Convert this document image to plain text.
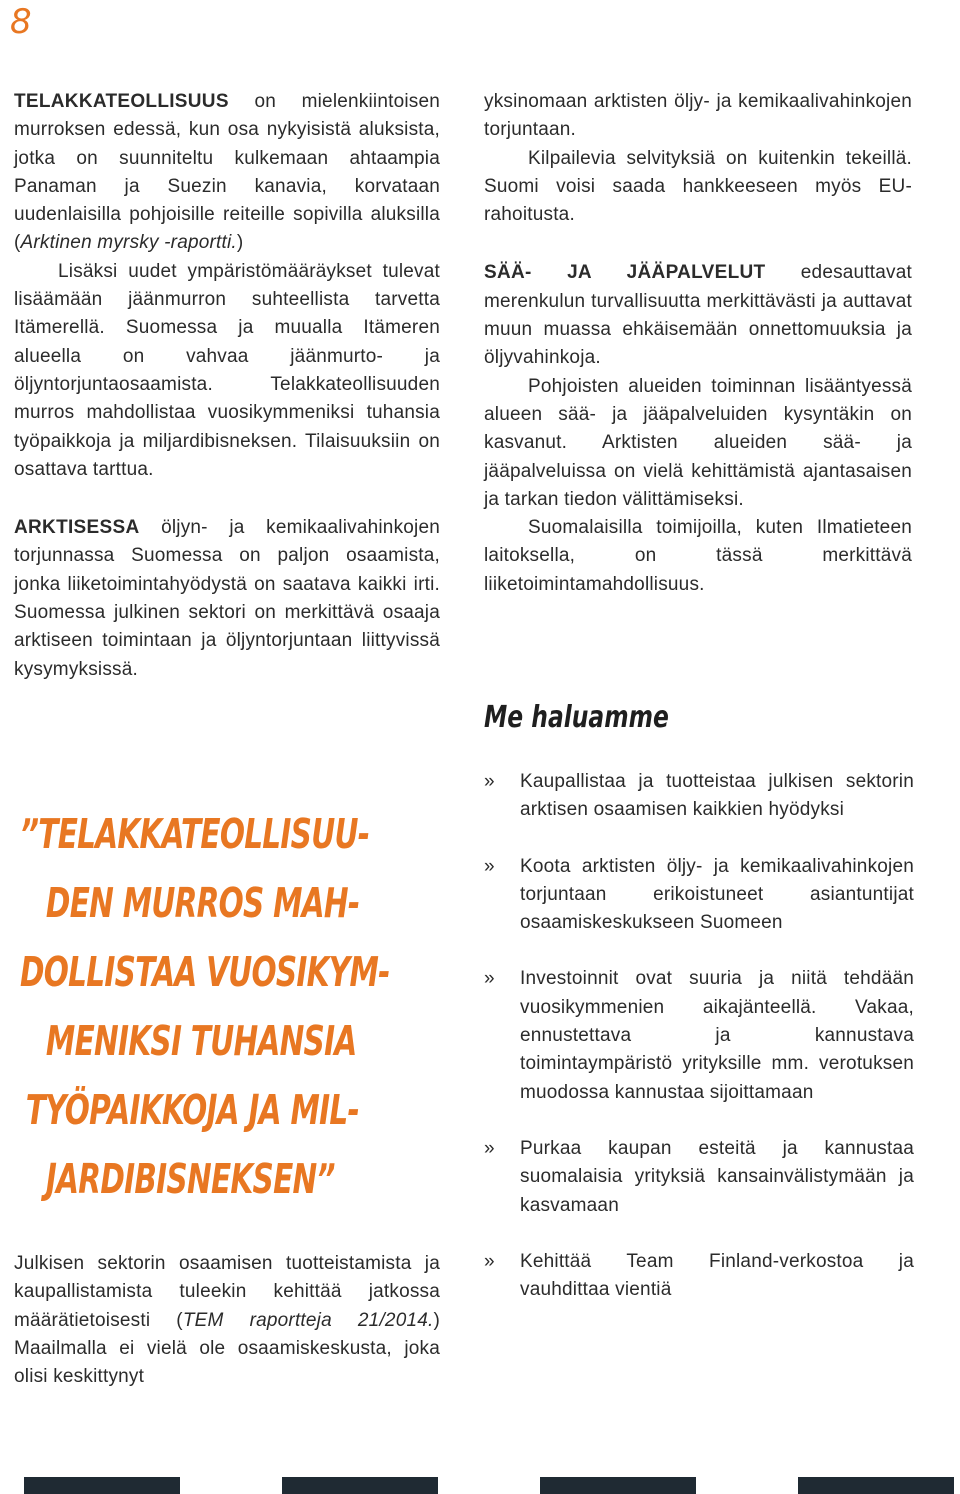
8

TELAKKATEOLLISUUS on mielenkiintoisen murroksen edessä, kun osa nykyisistä aluksista, jotka on suunniteltu kulkemaan ahtaampia Panaman ja Suezin kanavia, korvataan uudenlaisilla pohjoisille reiteille sopivilla aluksilla (Arktinen myrsky -raportti.)

Lisäksi uudet ympäristömääräykset tulevat lisäämään jäänmurron suhteellista tarvetta Itämerellä. Suomessa ja muualla Itämeren alueella on vahvaa jäänmurto- ja öljyntorjuntaosaamista. Telakkateollisuuden murros mahdollistaa vuosikymmeniksi tuhansia työpaikkoja ja miljardibisneksen. Tilaisuuksiin on osattava tarttua.

ARKTISESSA öljyn- ja kemikaalivahinkojen torjunnassa Suomessa on paljon osaamista, jonka liiketoimintahyödystä on saatava kaikki irti. Suomessa julkinen sektori on merkittävä osaaja arktiseen toimintaan ja öljyntorjuntaan liittyvissä kysymyksissä.

”TELAKKATEOLLISUU-
DEN MURROS MAH-
DOLLISTAA VUOSIKYM-
MENIKSI TUHANSIA
TYÖPAIKKOJA JA MIL-
JARDIBISNEKSEN”

Julkisen sektorin osaamisen tuotteistamista ja kaupallistamista tuleekin kehittää jatkossa määrätietoisesti (TEM raportteja 21/2014.) Maailmalla ei vielä ole osaamiskeskusta, joka olisi keskittynyt

yksinomaan arktisten öljy- ja kemikaalivahinkojen torjuntaan.

Kilpailevia selvityksiä on kuitenkin tekeillä. Suomi voisi saada hankkeeseen myös EU-rahoitusta.

SÄÄ- JA JÄÄPALVELUT edesauttavat merenkulun turvallisuutta merkittävästi ja auttavat muun muassa ehkäisemään onnettomuuksia ja öljyvahinkoja.

Pohjoisten alueiden toiminnan lisääntyessä alueen sää- ja jääpalveluiden kysyntäkin on kasvanut. Arktisten alueiden sää- ja jääpalveluissa on vielä kehittämistä ajantasaisen ja tarkan tiedon välittämiseksi.

Suomalaisilla toimijoilla, kuten Ilmatieteen laitoksella, on tässä merkittävä liiketoimintamahdollisuus.

Me haluamme
»	Kaupallistaa ja tuotteistaa julkisen sektorin arktisen osaamisen kaikkien hyödyksi
»	Koota arktisten öljy- ja kemikaalivahinkojen torjuntaan erikoistuneet asiantuntijat osaamiskeskukseen Suomeen
»	Investoinnit ovat suuria ja niitä tehdään vuosikymmenien aikajänteellä. Vakaa, ennustettava ja kannustava toimintaympäristö yrityksille mm. verotuksen muodossa kannustaa sijoittamaan
»	Purkaa kaupan esteitä ja kannustaa suomalaisia yrityksiä kansainvälistymään ja kasvamaan
»	Kehittää Team Finland-verkostoa ja vauhdittaa vientiä
